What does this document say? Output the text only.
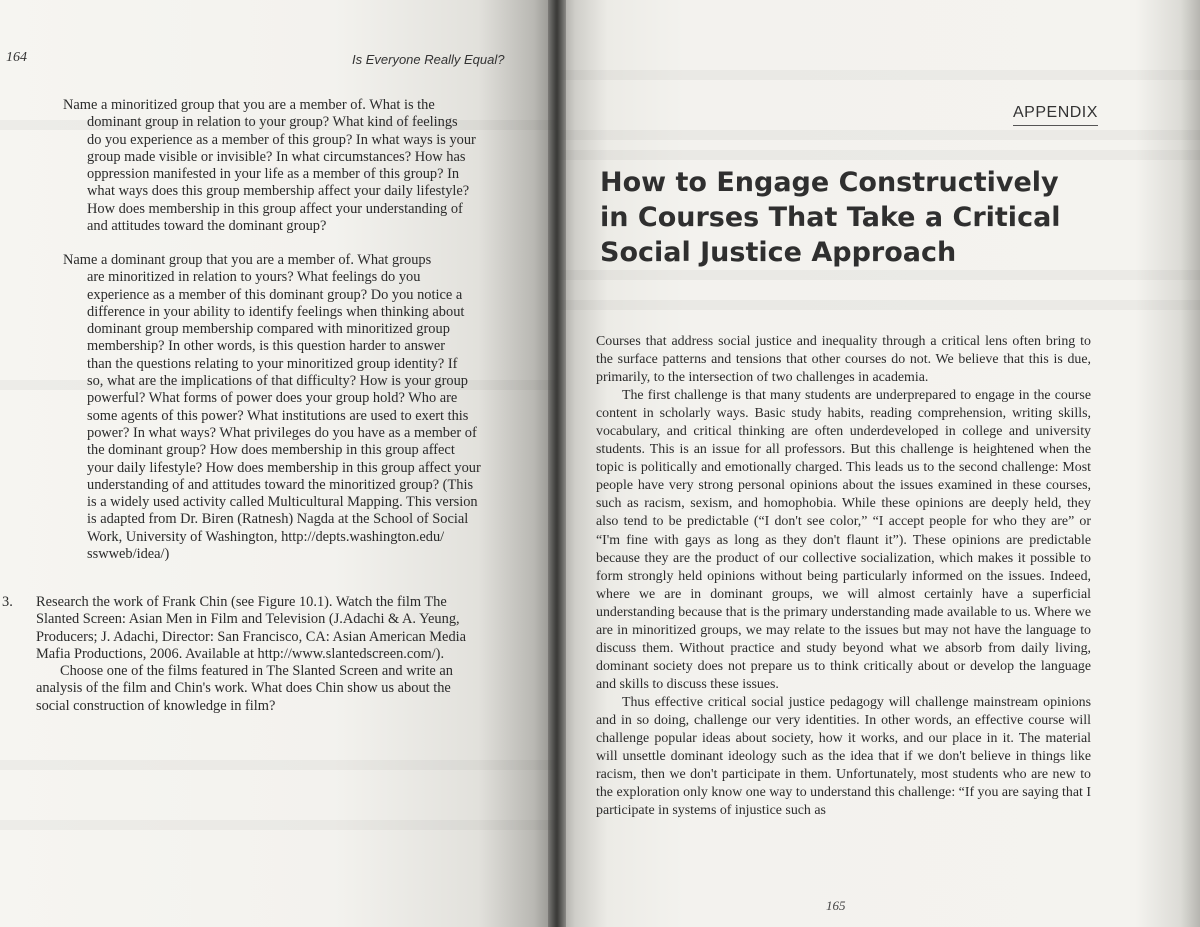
164	Is Everyone Really Equal?

Name a minoritized group that you are a member of. What is the
dominant group in relation to your group? What kind of feelings
do you experience as a member of this group? In what ways is your
group made visible or invisible? In what circumstances? How has
oppression manifested in your life as a member of this group? In
what ways does this group membership affect your daily lifestyle?
How does membership in this group affect your understanding of
and attitudes toward the dominant group?

Name a dominant group that you are a member of. What groups
are minoritized in relation to yours? What feelings do you
experience as a member of this dominant group? Do you notice a
difference in your ability to identify feelings when thinking about
dominant group membership compared with minoritized group
membership? In other words, is this question harder to answer
than the questions relating to your minoritized group identity? If
so, what are the implications of that difficulty? How is your group
powerful? What forms of power does your group hold? Who are
some agents of this power? What institutions are used to exert this
power? In what ways? What privileges do you have as a member of
the dominant group? How does membership in this group affect
your daily lifestyle? How does membership in this group affect your
understanding of and attitudes toward the minoritized group? (This
is a widely used activity called Multicultural Mapping. This version
is adapted from Dr. Biren (Ratnesh) Nagda at the School of Social
Work, University of Washington, http://depts.washington.edu/
sswweb/idea/)

3. Research the work of Frank Chin (see Figure 10.1). Watch the film The
Slanted Screen: Asian Men in Film and Television (J.Adachi & A. Yeung,
Producers; J. Adachi, Director: San Francisco, CA: Asian American Media
Mafia Productions, 2006. Available at http://www.slantedscreen.com/).

Choose one of the films featured in The Slanted Screen and write an

analysis of the film and Chin's work. What does Chin show us about the
social construction of knowledge in film?

APPENDIX
How to Engage Constructively
in Courses That Take a Critical
Social Justice Approach

Courses that address social justice and inequality through a critical lens often bring to the surface patterns and tensions that other courses do not. We believe that this is due, primarily, to the intersection of two challenges in academia.

The first challenge is that many students are underprepared to engage in the course content in scholarly ways. Basic study habits, reading comprehension, writing skills, vocabulary, and critical thinking are often underdeveloped in college and university students. This is an issue for all professors. But this challenge is heightened when the topic is politically and emotionally charged. This leads us to the second challenge: Most people have very strong personal opinions about the issues examined in these courses, such as racism, sexism, and homophobia. While these opinions are deeply held, they also tend to be predictable (“I don't see color,” “I accept people for who they are” or “I'm fine with gays as long as they don't flaunt it”). These opinions are predictable because they are the product of our collective socialization, which makes it possible to form strongly held opinions without being particularly informed on the issues. Indeed, where we are in dominant groups, we will almost certainly have a superficial understanding because that is the primary understanding made available to us. Where we are in minoritized groups, we may relate to the issues but may not have the language to discuss them. Without practice and study beyond what we absorb from daily living, dominant society does not prepare us to think critically about or develop the language and skills to discuss these issues.

Thus effective critical social justice pedagogy will challenge mainstream opinions and in so doing, challenge our very identities. In other words, an effective course will challenge popular ideas about society, how it works, and our place in it. The material will unsettle dominant ideology such as the idea that if we don't believe in things like racism, then we don't participate in them. Unfortunately, most students who are new to the exploration only know one way to understand this challenge: “If you are saying that I participate in systems of injustice such as

165
